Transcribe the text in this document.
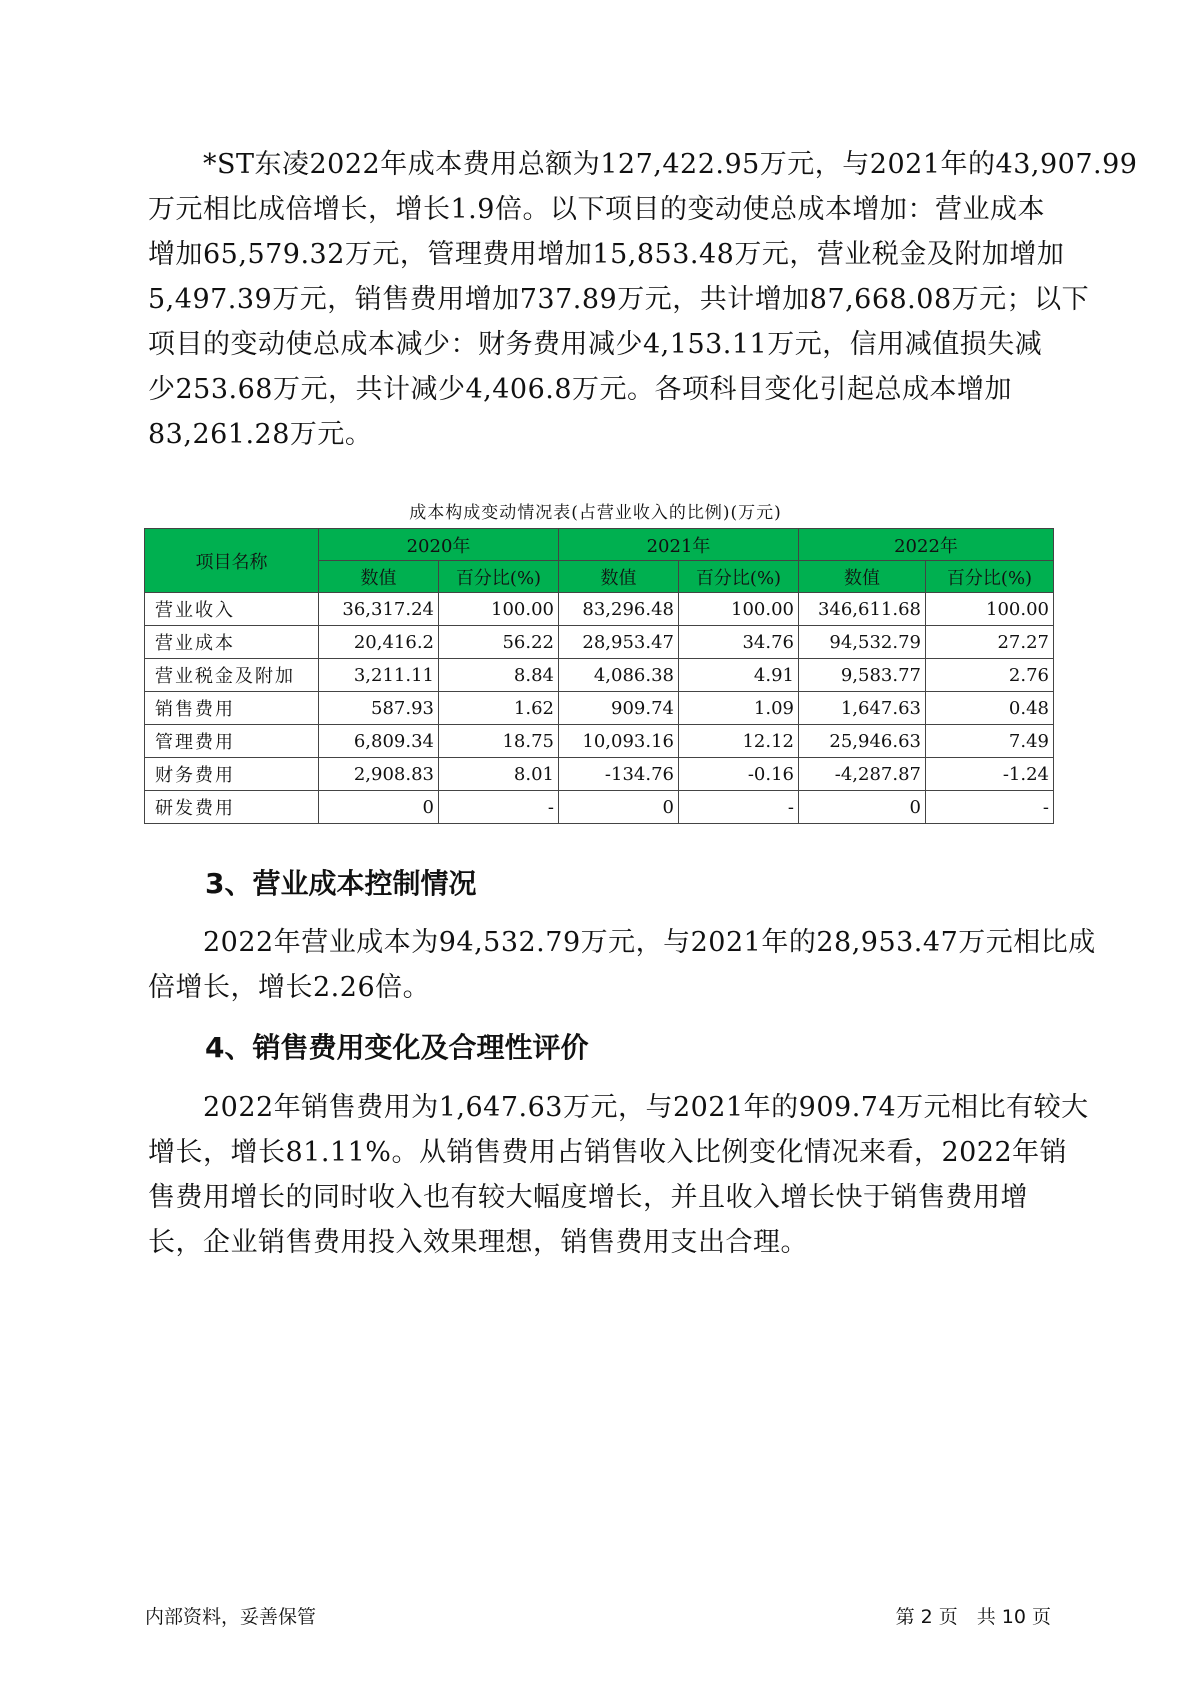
　　*ST东凌2022年成本费用总额为127,422.95万元，与2021年的43,907.99
万元相比成倍增长，增长1.9倍。以下项目的变动使总成本增加：营业成本
增加65,579.32万元，管理费用增加15,853.48万元，营业税金及附加增加
5,497.39万元，销售费用增加737.89万元，共计增加87,668.08万元；以下
项目的变动使总成本减少：财务费用减少4,153.11万元，信用减值损失减
少253.68万元，共计减少4,406.8万元。各项科目变化引起总成本增加
83,261.28万元。
成本构成变动情况表(占营业收入的比例)(万元)
项目名称	2020年		2021年		2022年	
	数值	百分比(%)	数值	百分比(%)	数值	百分比(%)
营业收入	36,317.24	100.00	83,296.48	100.00	346,611.68	100.00
营业成本	20,416.2	56.22	28,953.47	34.76	94,532.79	27.27
营业税金及附加	3,211.11	8.84	4,086.38	4.91	9,583.77	2.76
销售费用	587.93	1.62	909.74	1.09	1,647.63	0.48
管理费用	6,809.34	18.75	10,093.16	12.12	25,946.63	7.49
财务费用	2,908.83	8.01	-134.76	-0.16	-4,287.87	-1.24
研发费用	0	-	0	-	0	-
3、营业成本控制情况
　　2022年营业成本为94,532.79万元，与2021年的28,953.47万元相比成
倍增长，增长2.26倍。
4、销售费用变化及合理性评价
　　2022年销售费用为1,647.63万元，与2021年的909.74万元相比有较大
增长，增长81.11%。从销售费用占销售收入比例变化情况来看，2022年销
售费用增长的同时收入也有较大幅度增长，并且收入增长快于销售费用增
长，企业销售费用投入效果理想，销售费用支出合理。
内部资料，妥善保管	第 2 页　共 10 页
